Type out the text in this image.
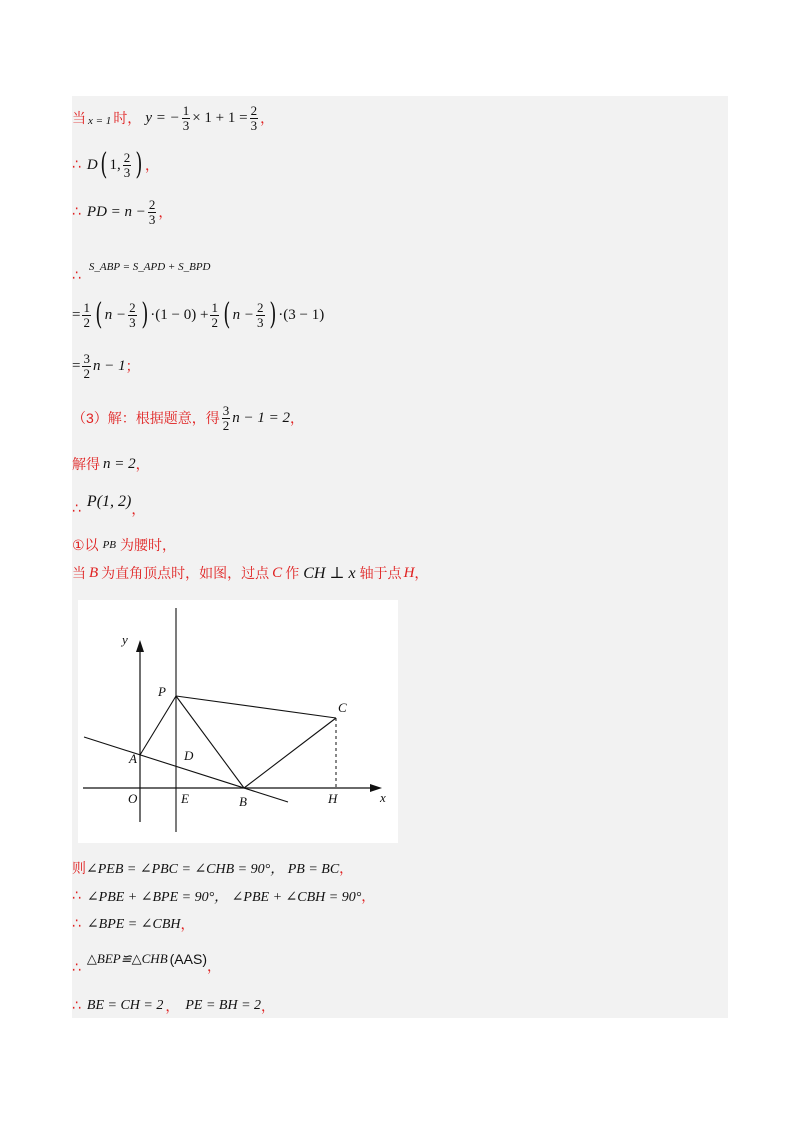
当 x = 1 时， y = − $\frac{1}{3} \times 1 + 1 = \frac{2}{3}$ ，
∴ D ( 1, $\frac{2}{3}$ ) ，
∴ PD = $n - \frac{2}{3}$ ，
∴
S_ABP = S_APD + S_BPD
= $\frac{1}{2}$ ( $n - \frac{2}{3}$ ) $\cdot(1 - 0) + \frac{1}{2}$ ( $n - \frac{2}{3}$ ) ·(3 − 1)
= $\frac{3}{2}$ n − 1 ；
（3）解：根据题意，得 $\frac{3}{2}$ n − 1 = 2 ，
解得 n = 2 ，
∴ P(1, 2) ，
①以 PB 为腰时，
当 B 为直角顶点时，如图，过点 C 作 CH ⊥ x 轴于点 H ，
y
x
P
C
A	D
O	E	B	H
则 ∠PEB = ∠PBC = ∠CHB = 90°， PB = BC ，
∴ ∠PBE + ∠BPE = 90°， ∠PBE + ∠CBH = 90° ，
∴ ∠BPE = ∠CBH ，
∴
△BEP≌△CHB (AAS) ，
∴ BE = CH = 2 ， PE = BH = 2 ，
